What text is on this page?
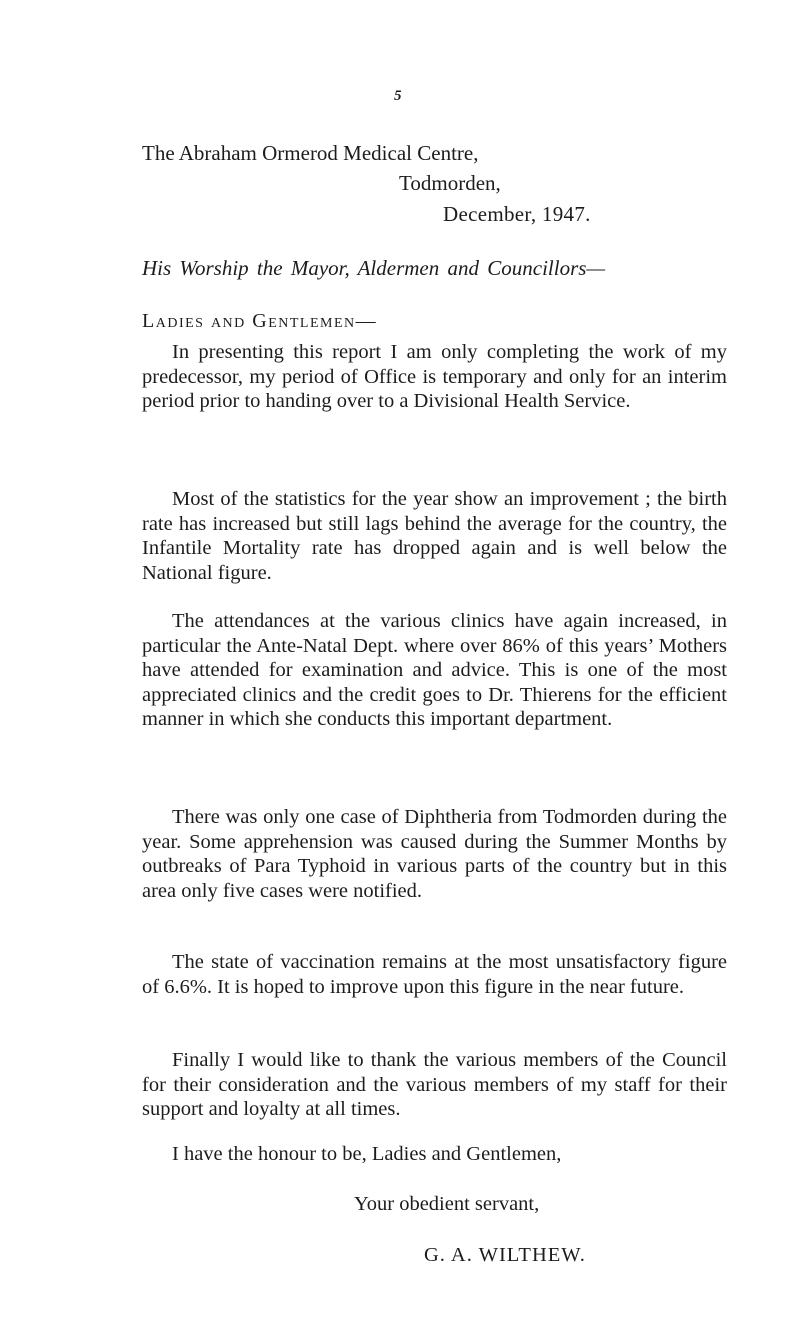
5
The Abraham Ormerod Medical Centre,
Todmorden,
December, 1947.
His Worship the Mayor, Aldermen and Councillors—
Ladies and Gentlemen—

In presenting this report I am only completing the work of my predecessor, my period of Office is temporary and only for an interim period prior to handing over to a Divisional Health Service.

Most of the statistics for the year show an improvement ; the birth rate has increased but still lags behind the average for the country, the Infantile Mortality rate has dropped again and is well below the National figure.

The attendances at the various clinics have again increased, in particular the Ante-Natal Dept. where over 86% of this years’ Mothers have attended for examination and advice. This is one of the most appreciated clinics and the credit goes to Dr. Thierens for the efficient manner in which she conducts this important department.

There was only one case of Diphtheria from Todmorden during the year. Some apprehension was caused during the Summer Months by outbreaks of Para Typhoid in various parts of the country but in this area only five cases were notified.

The state of vaccination remains at the most unsatisfactory figure of 6.6%. It is hoped to improve upon this figure in the near future.

Finally I would like to thank the various members of the Council for their consideration and the various members of my staff for their support and loyalty at all times.

I have the honour to be, Ladies and Gentlemen,
Your obedient servant,
G. A. WILTHEW.
